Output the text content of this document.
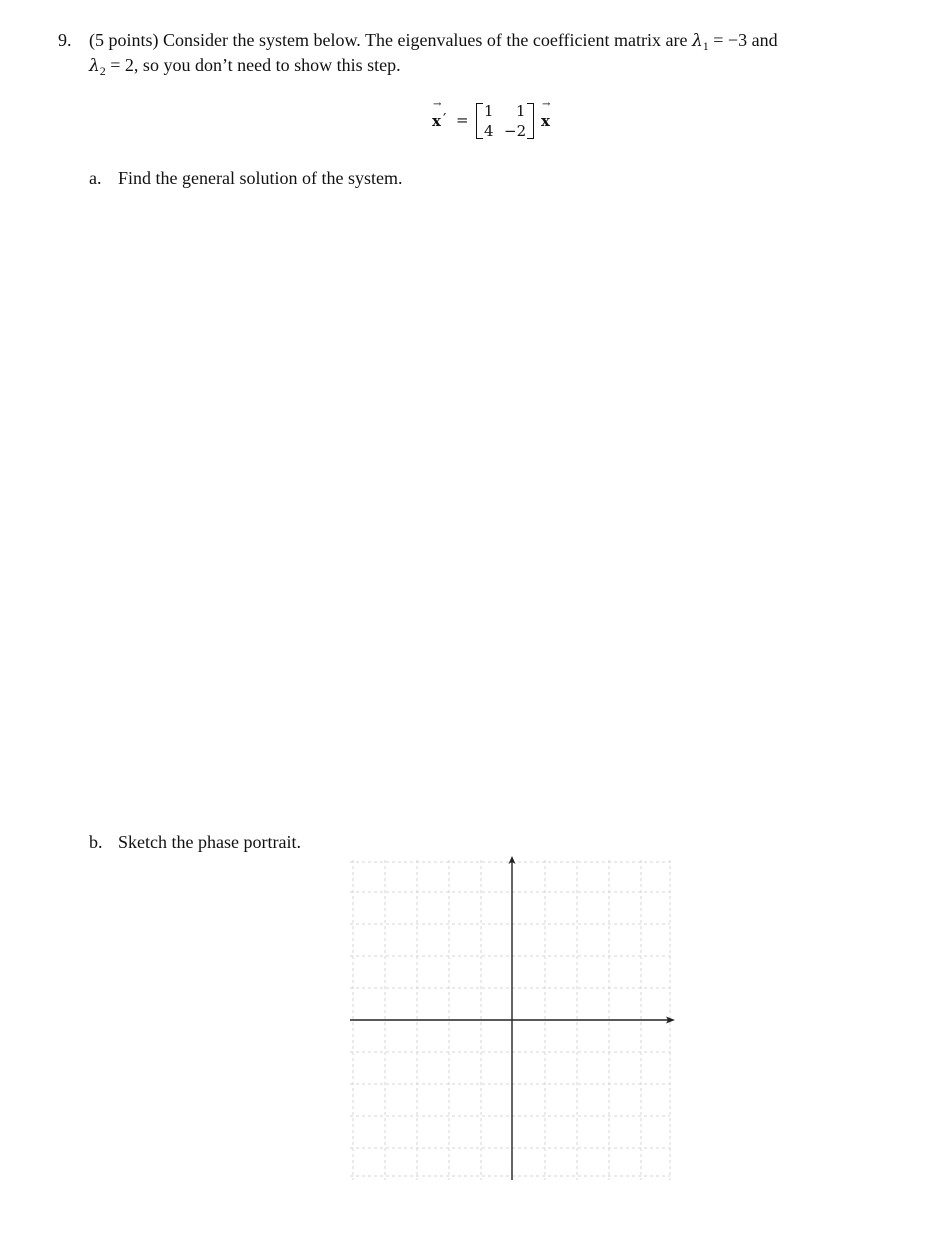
9. (5 points) Consider the system below. The eigenvalues of the coefficient matrix are $\lambda_1 = -3$ and
$\lambda_2 = 2$, so you don’t need to show this step.
→ x ′ = 1 1
4 −2
→ x
a. Find the general solution of the system.
b. Sketch the phase portrait.
